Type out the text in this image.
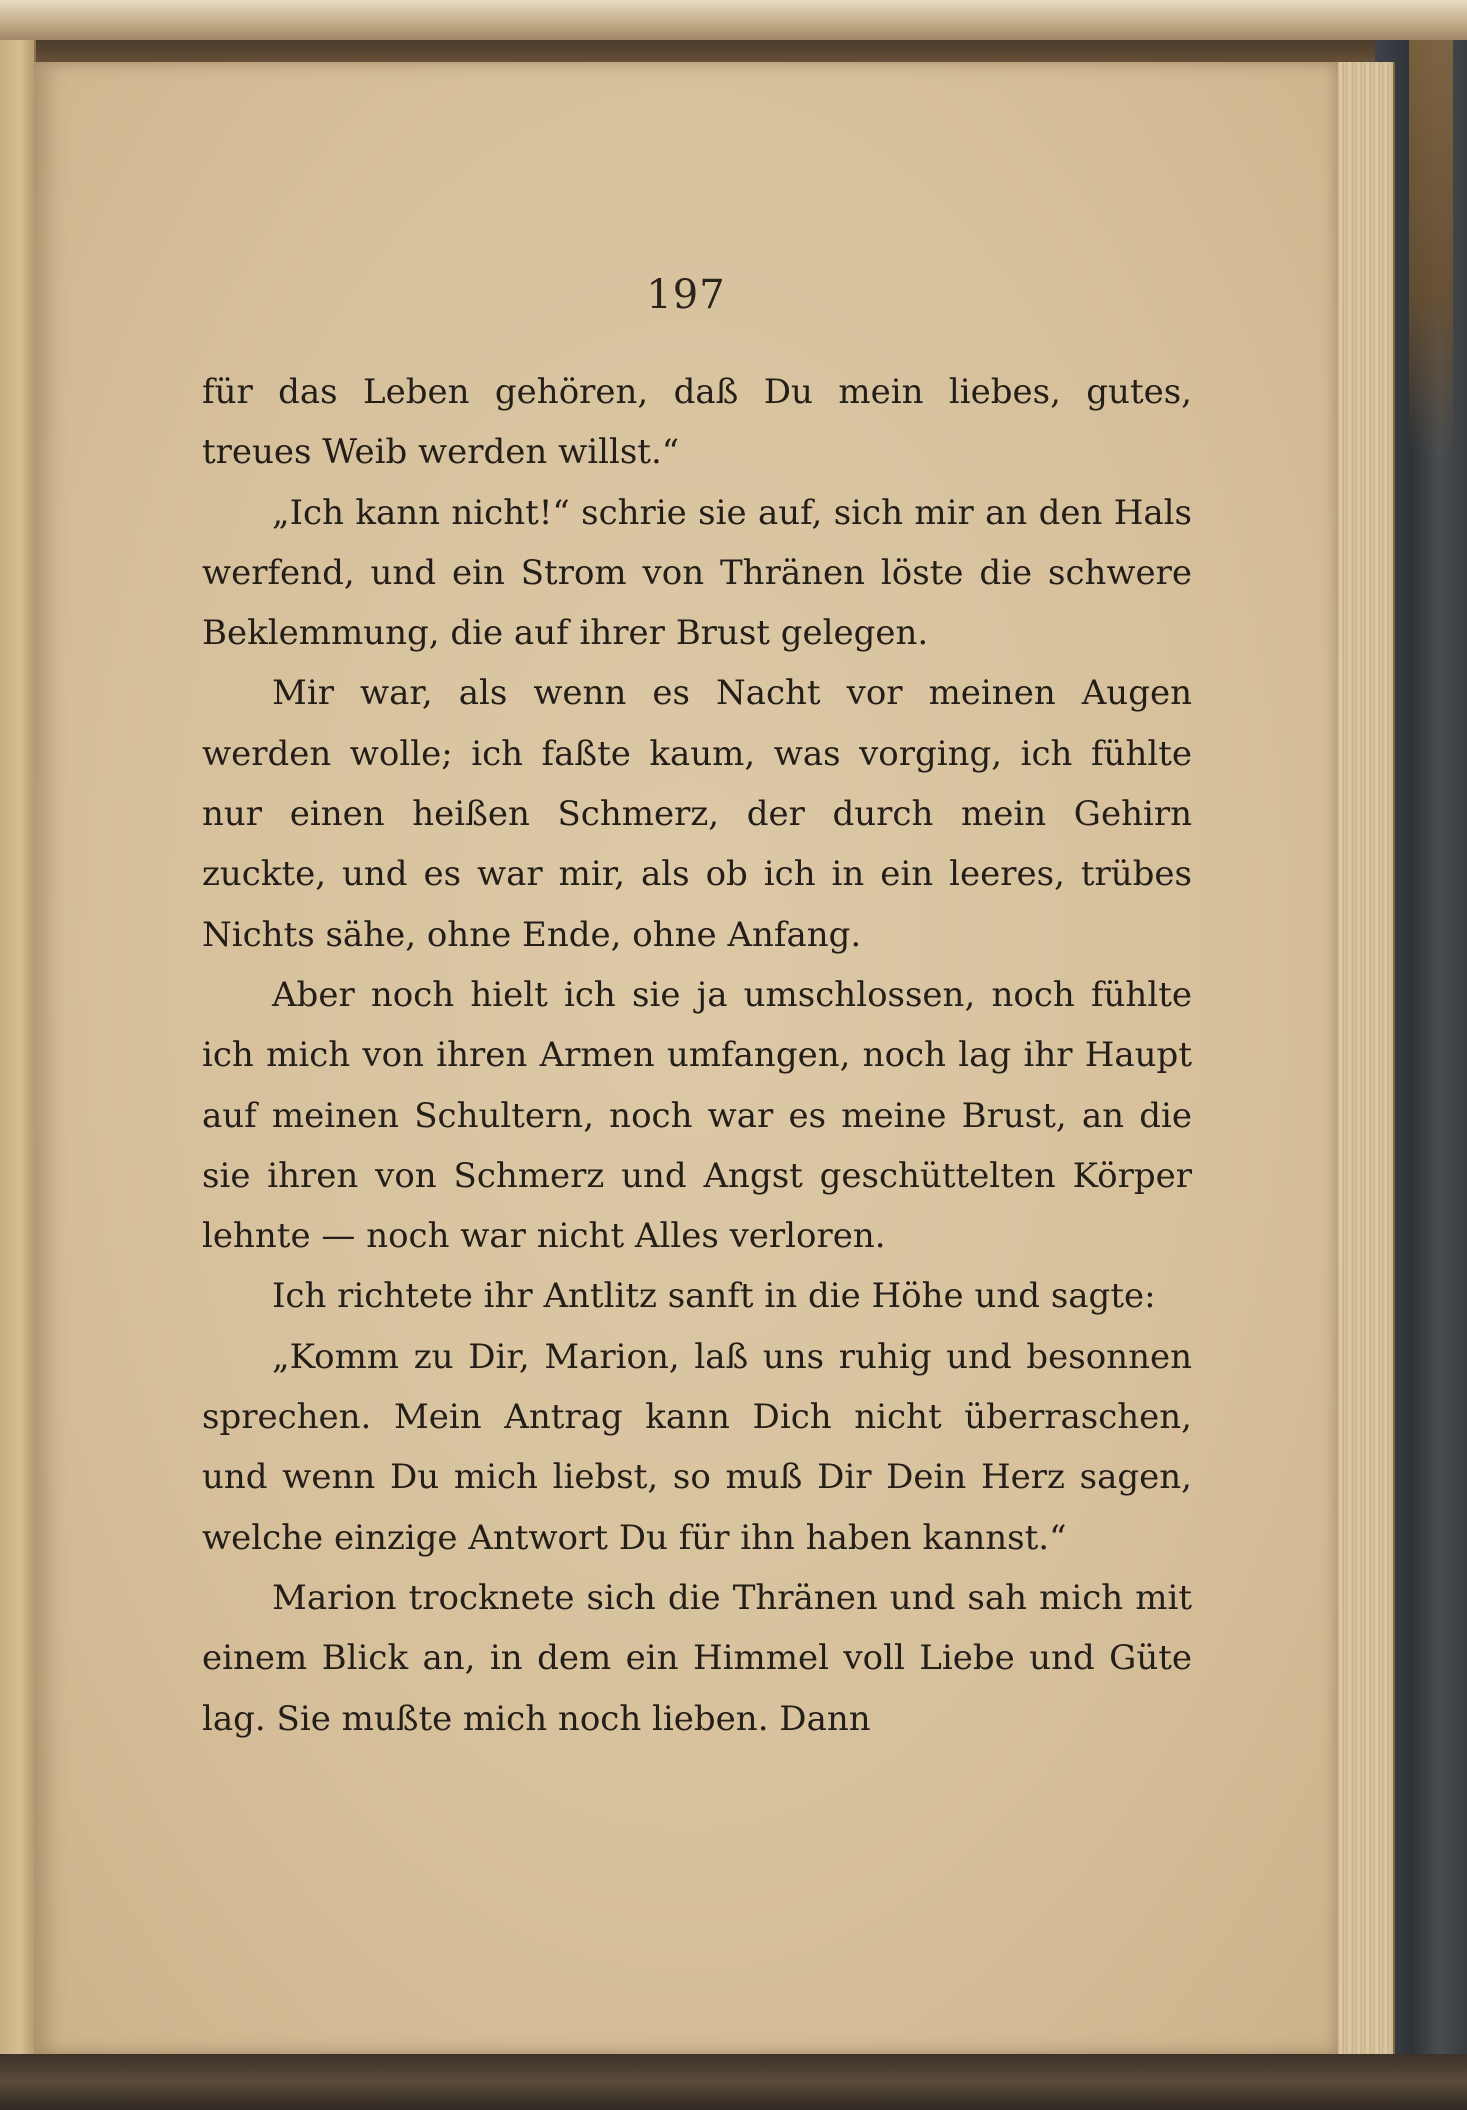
197

für das Leben gehören, daß Du mein liebes, gutes, treues Weib werden willst.“

„Ich kann nicht!“ schrie sie auf, sich mir an den Hals werfend, und ein Strom von Thränen löste die schwere Beklemmung, die auf ihrer Brust gelegen.

Mir war, als wenn es Nacht vor meinen Augen werden wolle; ich faßte kaum, was vorging, ich fühlte nur einen heißen Schmerz, der durch mein Gehirn zuckte, und es war mir, als ob ich in ein leeres, trübes Nichts sähe, ohne Ende, ohne Anfang.

Aber noch hielt ich sie ja umschlossen, noch fühlte ich mich von ihren Armen umfangen, noch lag ihr Haupt auf meinen Schultern, noch war es meine Brust, an die sie ihren von Schmerz und Angst geschüttelten Körper lehnte — noch war nicht Alles verloren.

Ich richtete ihr Antlitz sanft in die Höhe und sagte:

„Komm zu Dir, Marion, laß uns ruhig und besonnen sprechen. Mein Antrag kann Dich nicht überraschen, und wenn Du mich liebst, so muß Dir Dein Herz sagen, welche einzige Antwort Du für ihn haben kannst.“

Marion trocknete sich die Thränen und sah mich mit einem Blick an, in dem ein Himmel voll Liebe und Güte lag. Sie mußte mich noch lieben. Dann
